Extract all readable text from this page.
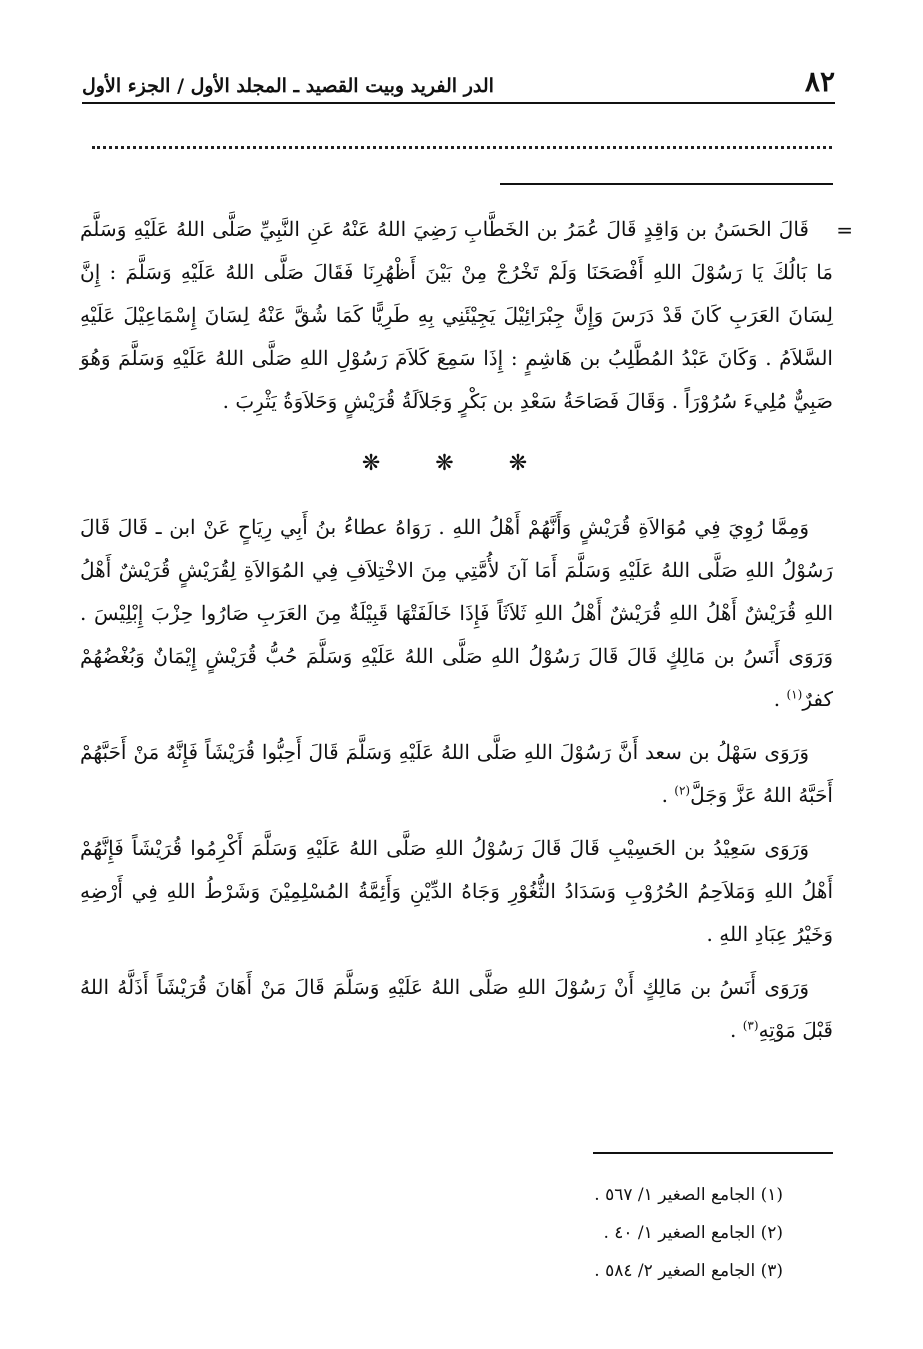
٨٢
الدر الفريد وبيت القصيد ـ المجلد الأول / الجزء الأول
=

قَالَ الحَسَنُ بن وَاقِدٍ قَالَ عُمَرُ بن الخَطَّابِ رَضِيَ اللهُ عَنْهُ عَنِ النَّبِيِّ صَلَّى اللهُ عَلَيْهِ وَسَلَّمَ مَا بَالُكَ يَا رَسُوْلَ اللهِ أَفْصَحَنَا وَلَمْ تَخْرُجْ مِنْ بَيْنَ أَظْهُرِنَا فَقَالَ صَلَّى اللهُ عَلَيْهِ وَسَلَّمَ : إِنَّ لِسَانَ العَرَبِ كَانَ قَدْ دَرَسَ وَإِنَّ جِبْرَائِيْلَ يَجِيْئَنِي بِهِ طَرِيًّا كَمَا شُقَّ عَنْهُ لِسَانَ إِسْمَاعِيْلَ عَلَيْهِ السَّلاَمُ . وَكَانَ عَبْدُ المُطَّلِبُ بن هَاشِمٍ : إِذَا سَمِعَ كَلاَمَ رَسُوْلِ اللهِ صَلَّى اللهُ عَلَيْهِ وَسَلَّمَ وَهُوَ صَبِيٌّ مُلِيءَ سُرُوْرَاً . وَقَالَ فَصَاحَةُ سَعْدِ بن بَكْرٍ وَجَلاَلَةُ قُرَيْشٍ وَحَلاَوَةُ يَثْرِبَ .

❋ ❋ ❋

وَمِمَّا رُوِيَ فِي مُوَالاَةِ قُرَيْشٍ وَأَنَّهُمْ أَهْلُ اللهِ . رَوَاهُ عطاءُ بنُ أَبِي رِيَاحٍ عَنْ ابن ـ قَالَ قَالَ رَسُوْلُ اللهِ صَلَّى اللهُ عَلَيْهِ وَسَلَّمَ أَمَا آنَ لأُمَّتِي مِنَ الاخْتِلاَفِ فِي المُوَالاَةِ لِقُرَيْشٍ قُرَيْشٌ أَهْلُ اللهِ قُرَيْشٌ أَهْلُ اللهِ قُرَيْشٌ أَهْلُ اللهِ ثَلاَثَاً فَإِذَا خَالَفَتْهَا قَبِيْلَةٌ مِنَ العَرَبِ صَارُوا حِزْبَ إِبْلِيْسَ . وَرَوَى أَنَسُ بن مَالِكٍ قَالَ قَالَ رَسُوْلُ اللهِ صَلَّى اللهُ عَلَيْهِ وَسَلَّمَ حُبُّ قُرَيْشٍ إِيْمَانٌ وَبُغْضُهُمْ كفرٌ$^{(١)}$ .

وَرَوَى سَهْلُ بن سعد أَنَّ رَسُوْلَ اللهِ صَلَّى اللهُ عَلَيْهِ وَسَلَّمَ قَالَ أَحِبُّوا قُرَيْشَاً فَإِنَّهُ مَنْ أَحَبَّهُمْ أَحَبَّهُ اللهُ عَزَّ وَجَلَّ$^{(٢)}$ .

وَرَوَى سَعِيْدُ بن الحَسِيْبِ قَالَ قَالَ رَسُوْلُ اللهِ صَلَّى اللهُ عَلَيْهِ وَسَلَّمَ أَكْرِمُوا قُرَيْشَاً فَإِنَّهُمْ أَهْلُ اللهِ وَمَلاَحِمُ الحُرُوْبِ وَسَدَادُ الثُّغُوْرِ وَجَاهُ الدِّيْنِ وَأَئِمَّةُ المُسْلِمِيْنَ وَشَرْطُ اللهِ فِي أَرْضِهِ وَخَيْرُ عِبَادِ اللهِ .

وَرَوَى أَنَسُ بن مَالِكٍ أَنْ رَسُوْلَ اللهِ صَلَّى اللهُ عَلَيْهِ وَسَلَّمَ قَالَ مَنْ أَهَانَ قُرَيْشَاً أَذَلَّهُ اللهُ قَبْلَ مَوْتِهِ$^{(٣)}$ .

(١) الجامع الصغير ١/ ٥٦٧ .

(٢) الجامع الصغير ١/ ٤٠ .

(٣) الجامع الصغير ٢/ ٥٨٤ .
